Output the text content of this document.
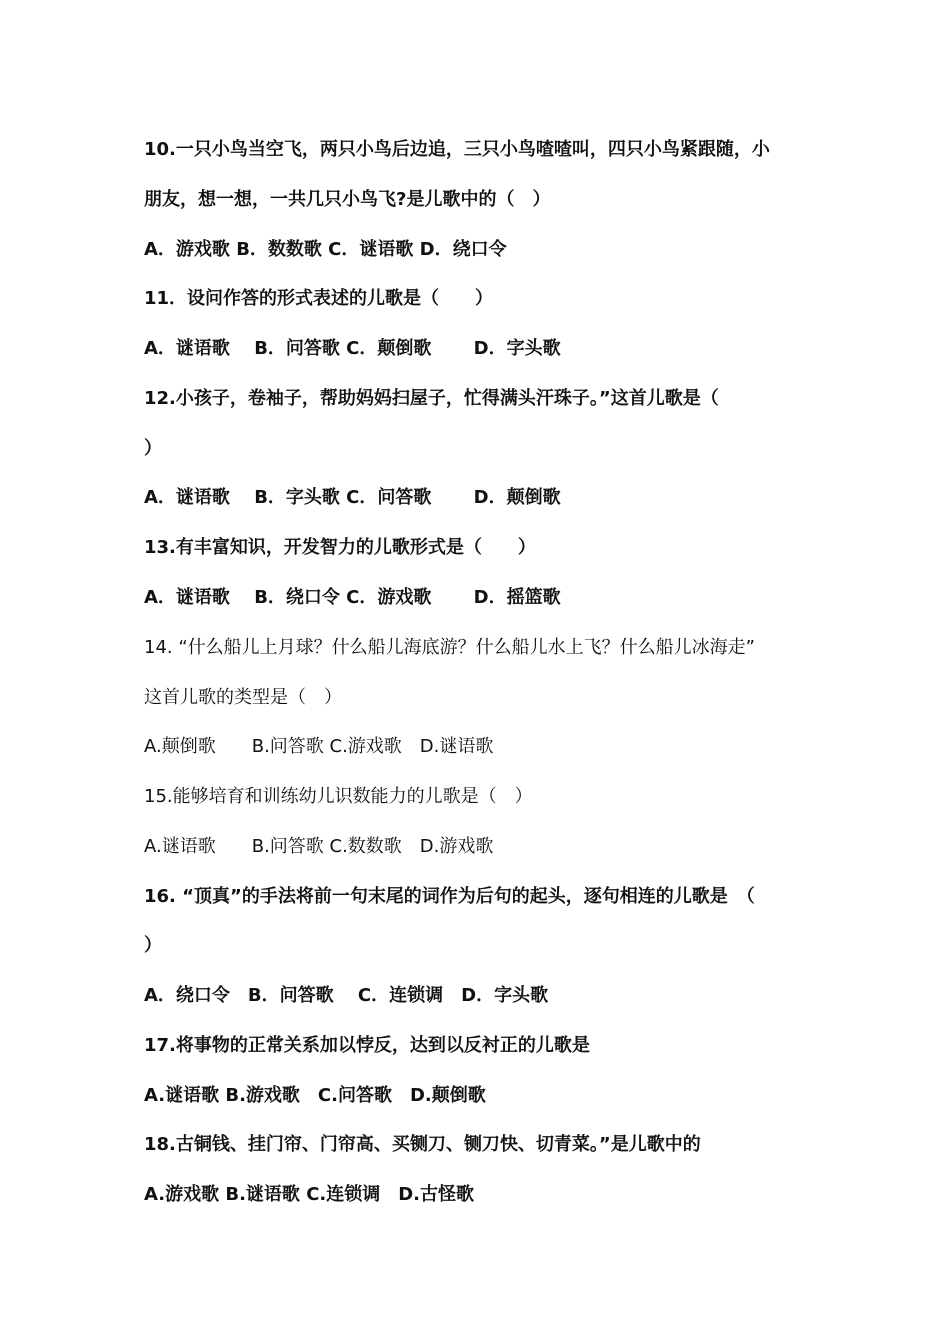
10.一只小鸟当空飞，两只小鸟后边追，三只小鸟喳喳叫，四只小鸟紧跟随，小
朋友，想一想，一共几只小鸟飞?是儿歌中的（　）
A．游戏歌 B．数数歌 C．谜语歌 D．绕口令
11．设问作答的形式表述的儿歌是（　　）
A．谜语歌　 B．问答歌 C．颠倒歌　　 D．字头歌
12.小孩子，卷袖子，帮助妈妈扫屋子，忙得满头汗珠子。”这首儿歌是（
）
A．谜语歌　 B．字头歌 C．问答歌　　 D．颠倒歌
13.有丰富知识，开发智力的儿歌形式是（　　）
A．谜语歌　 B．绕口令 C．游戏歌　　 D．摇篮歌
14. “什么船儿上月球？什么船儿海底游？什么船儿水上飞？什么船儿冰海走”
这首儿歌的类型是（　）
A.颠倒歌　　B.问答歌 C.游戏歌　D.谜语歌
15.能够培育和训练幼儿识数能力的儿歌是（　）
A.谜语歌　　B.问答歌 C.数数歌　D.游戏歌
16. “顶真”的手法将前一句末尾的词作为后句的起头，逐句相连的儿歌是　（
）
A．绕口令　B．问答歌　 C．连锁调　D．字头歌
17.将事物的正常关系加以悖反，达到以反衬正的儿歌是
A.谜语歌 B.游戏歌　C.问答歌　D.颠倒歌
18.古铜钱、挂门帘、门帘高、买铡刀、铡刀快、切青菜。”是儿歌中的
A.游戏歌 B.谜语歌 C.连锁调　D.古怪歌
